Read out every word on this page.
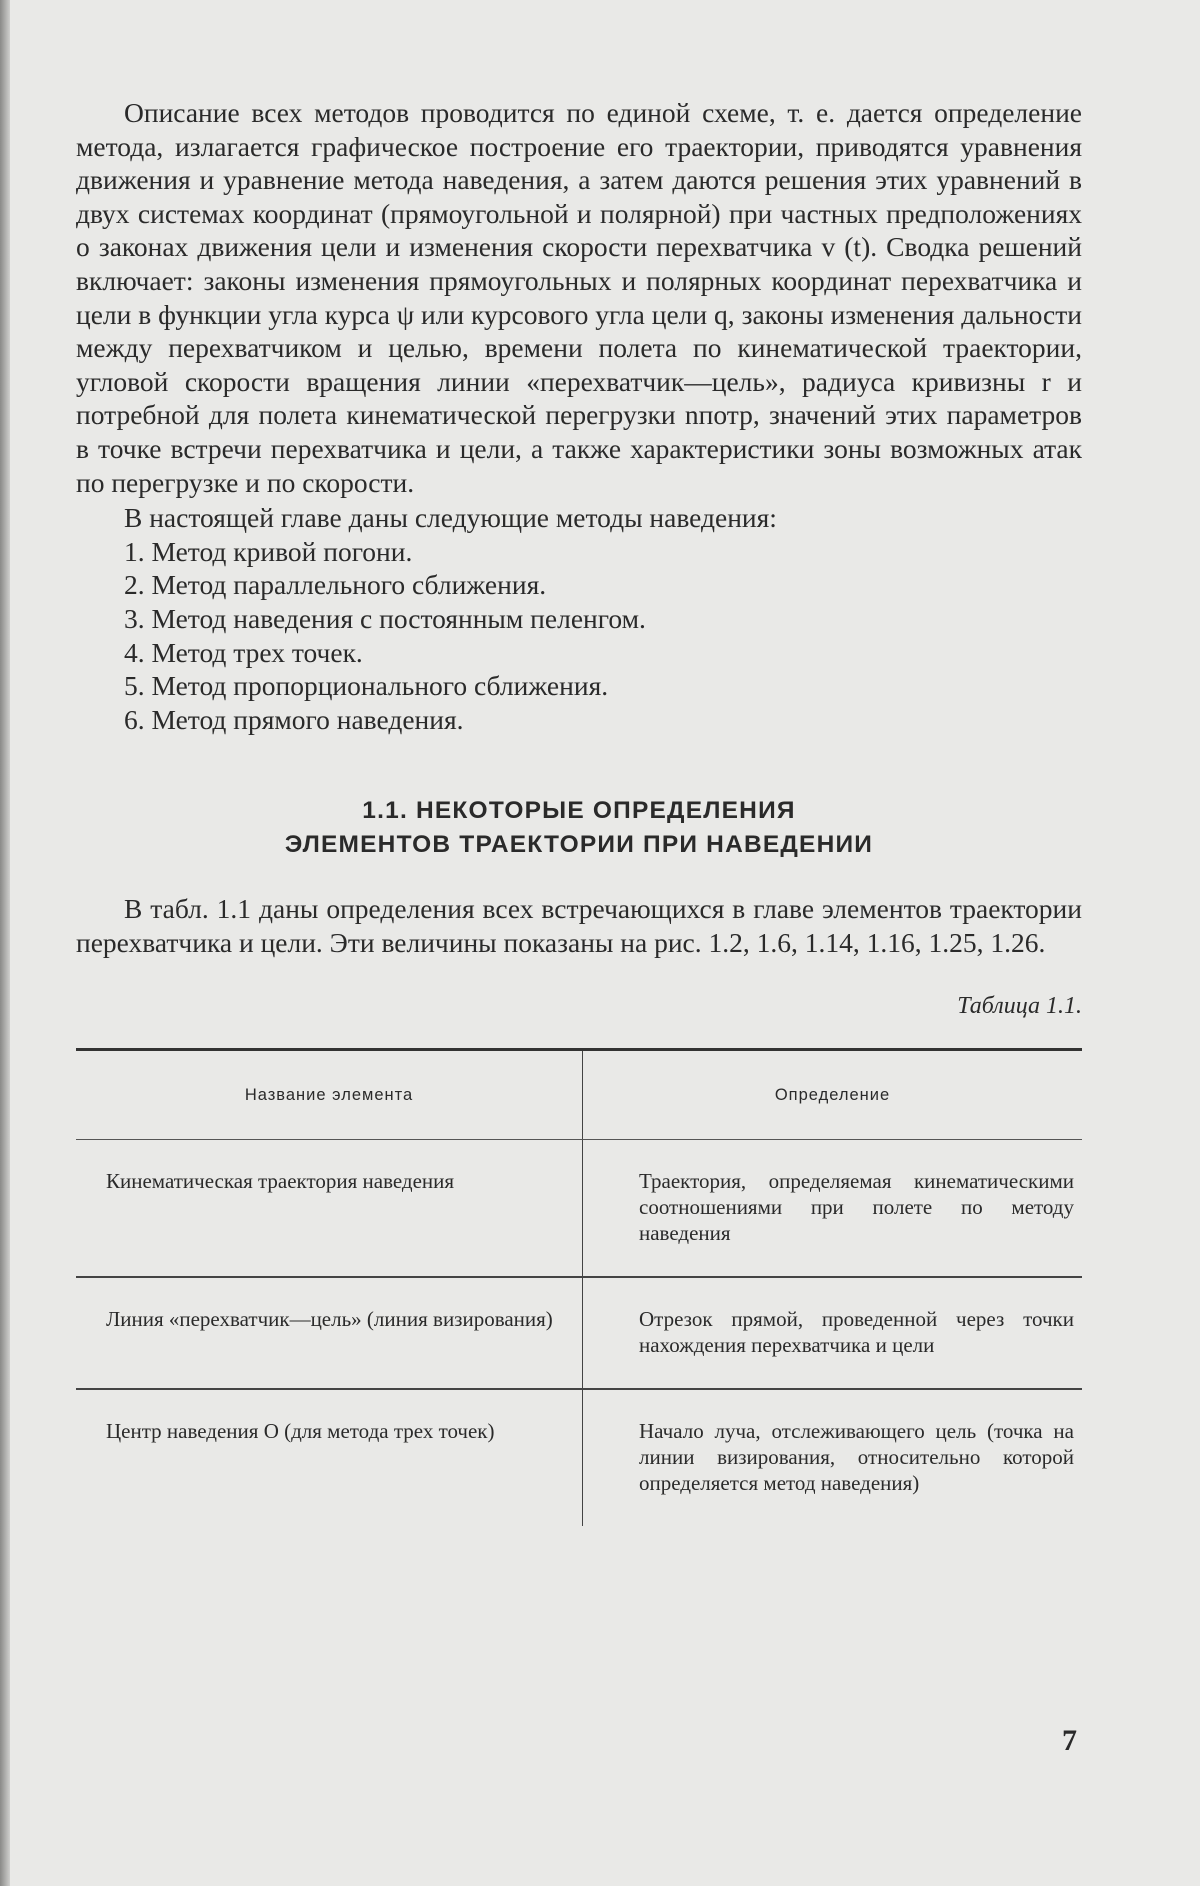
Описание всех методов проводится по единой схеме, т. е. дается определение метода, излагается графическое построение его траектории, приводятся уравнения движения и уравнение метода наведения, а затем даются решения этих уравнений в двух системах координат (прямоугольной и полярной) при частных предположениях о законах движения цели и изменения скорости перехватчика v (t). Сводка решений включает: законы изменения прямоугольных и полярных координат перехватчика и цели в функции угла курса ψ или курсового угла цели q, законы изменения дальности между перехватчиком и целью, времени полета по кинематической траектории, угловой скорости вращения линии «перехватчик—цель», радиуса кривизны r и потребной для полета кинематической перегрузки nпотр, значений этих параметров в точке встречи перехватчика и цели, а также характеристики зоны возможных атак по перегрузке и по скорости.

В настоящей главе даны следующие методы наведения:

1. Метод кривой погони.
2. Метод параллельного сближения.
3. Метод наведения с постоянным пеленгом.
4. Метод трех точек.
5. Метод пропорционального сближения.
6. Метод прямого наведения.
1.1. НЕКОТОРЫЕ ОПРЕДЕЛЕНИЯ
ЭЛЕМЕНТОВ ТРАЕКТОРИИ ПРИ НАВЕДЕНИИ

В табл. 1.1 даны определения всех встречающихся в главе элементов траектории перехватчика и цели. Эти величины показаны на рис. 1.2, 1.6, 1.14, 1.16, 1.25, 1.26.

Таблица 1.1.

Название элемента	Определение
Кинематическая траектория наведения	Траектория, определяемая кинематическими соотношениями при полете по методу наведения
Линия «перехватчик—цель» (линия визирования)	Отрезок прямой, проведенной через точки нахождения перехватчика и цели
Центр наведения O (для метода трех точек)	Начало луча, отслеживающего цель (точка на линии визирования, относительно которой определяется метод наведения)
7
